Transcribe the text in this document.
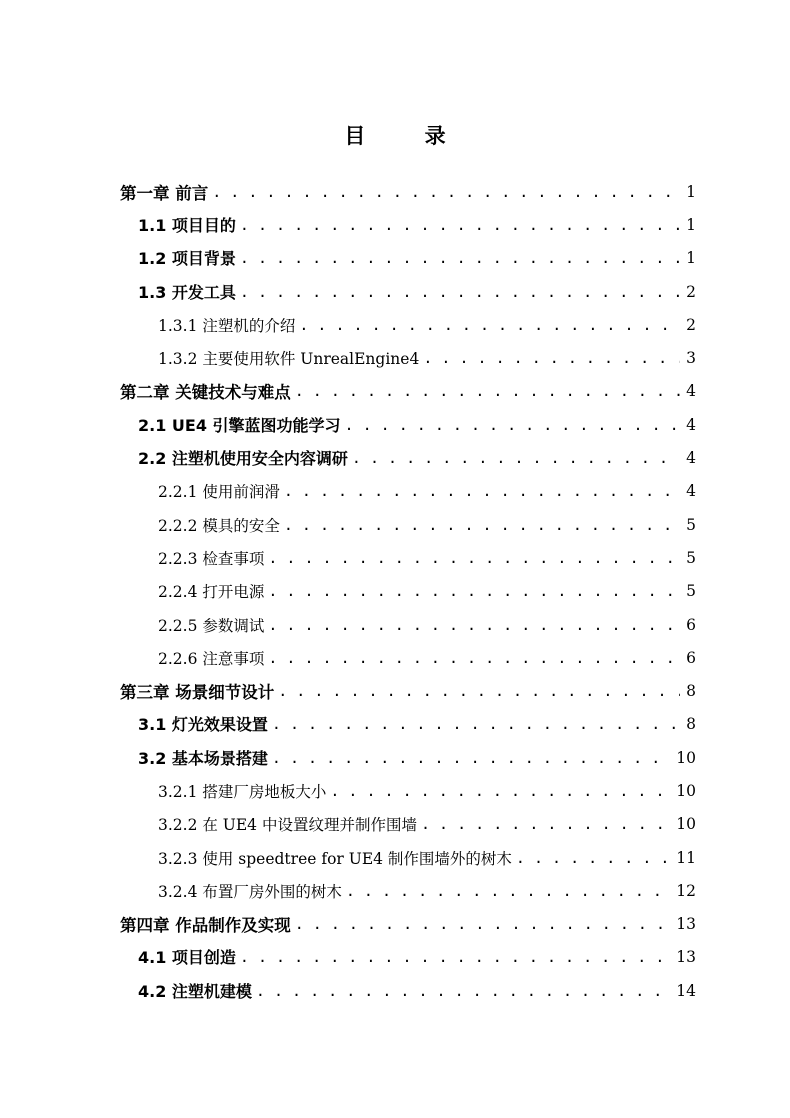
目 录
第一章 前言 . . .	1
1.1 项目目的 . . .	1
1.2 项目背景 . . .	1
1.3 开发工具 . . .	2
1.3.1 注塑机的介绍 . . .	2
1.3.2 主要使用软件 UnrealEngine4 . . .	3
第二章 关键技术与难点 . . .	4
2.1 UE4 引擎蓝图功能学习 . . .	4
2.2 注塑机使用安全内容调研 . . .	4
2.2.1 使用前润滑 . . .	4
2.2.2 模具的安全 . . .	5
2.2.3 检查事项 . . .	5
2.2.4 打开电源 . . .	5
2.2.5 参数调试 . . .	6
2.2.6 注意事项 . . .	6
第三章 场景细节设计 . . .	8
3.1 灯光效果设置 . . .	8
3.2 基本场景搭建 . . .	10
3.2.1 搭建厂房地板大小 . . .	10
3.2.2 在 UE4 中设置纹理并制作围墙 . . .	10
3.2.3 使用 speedtree for UE4 制作围墙外的树木 . . .	11
3.2.4 布置厂房外围的树木 . . .	12
第四章 作品制作及实现 . . .	13
4.1 项目创造 . . .	13
4.2 注塑机建模 . . .	14
